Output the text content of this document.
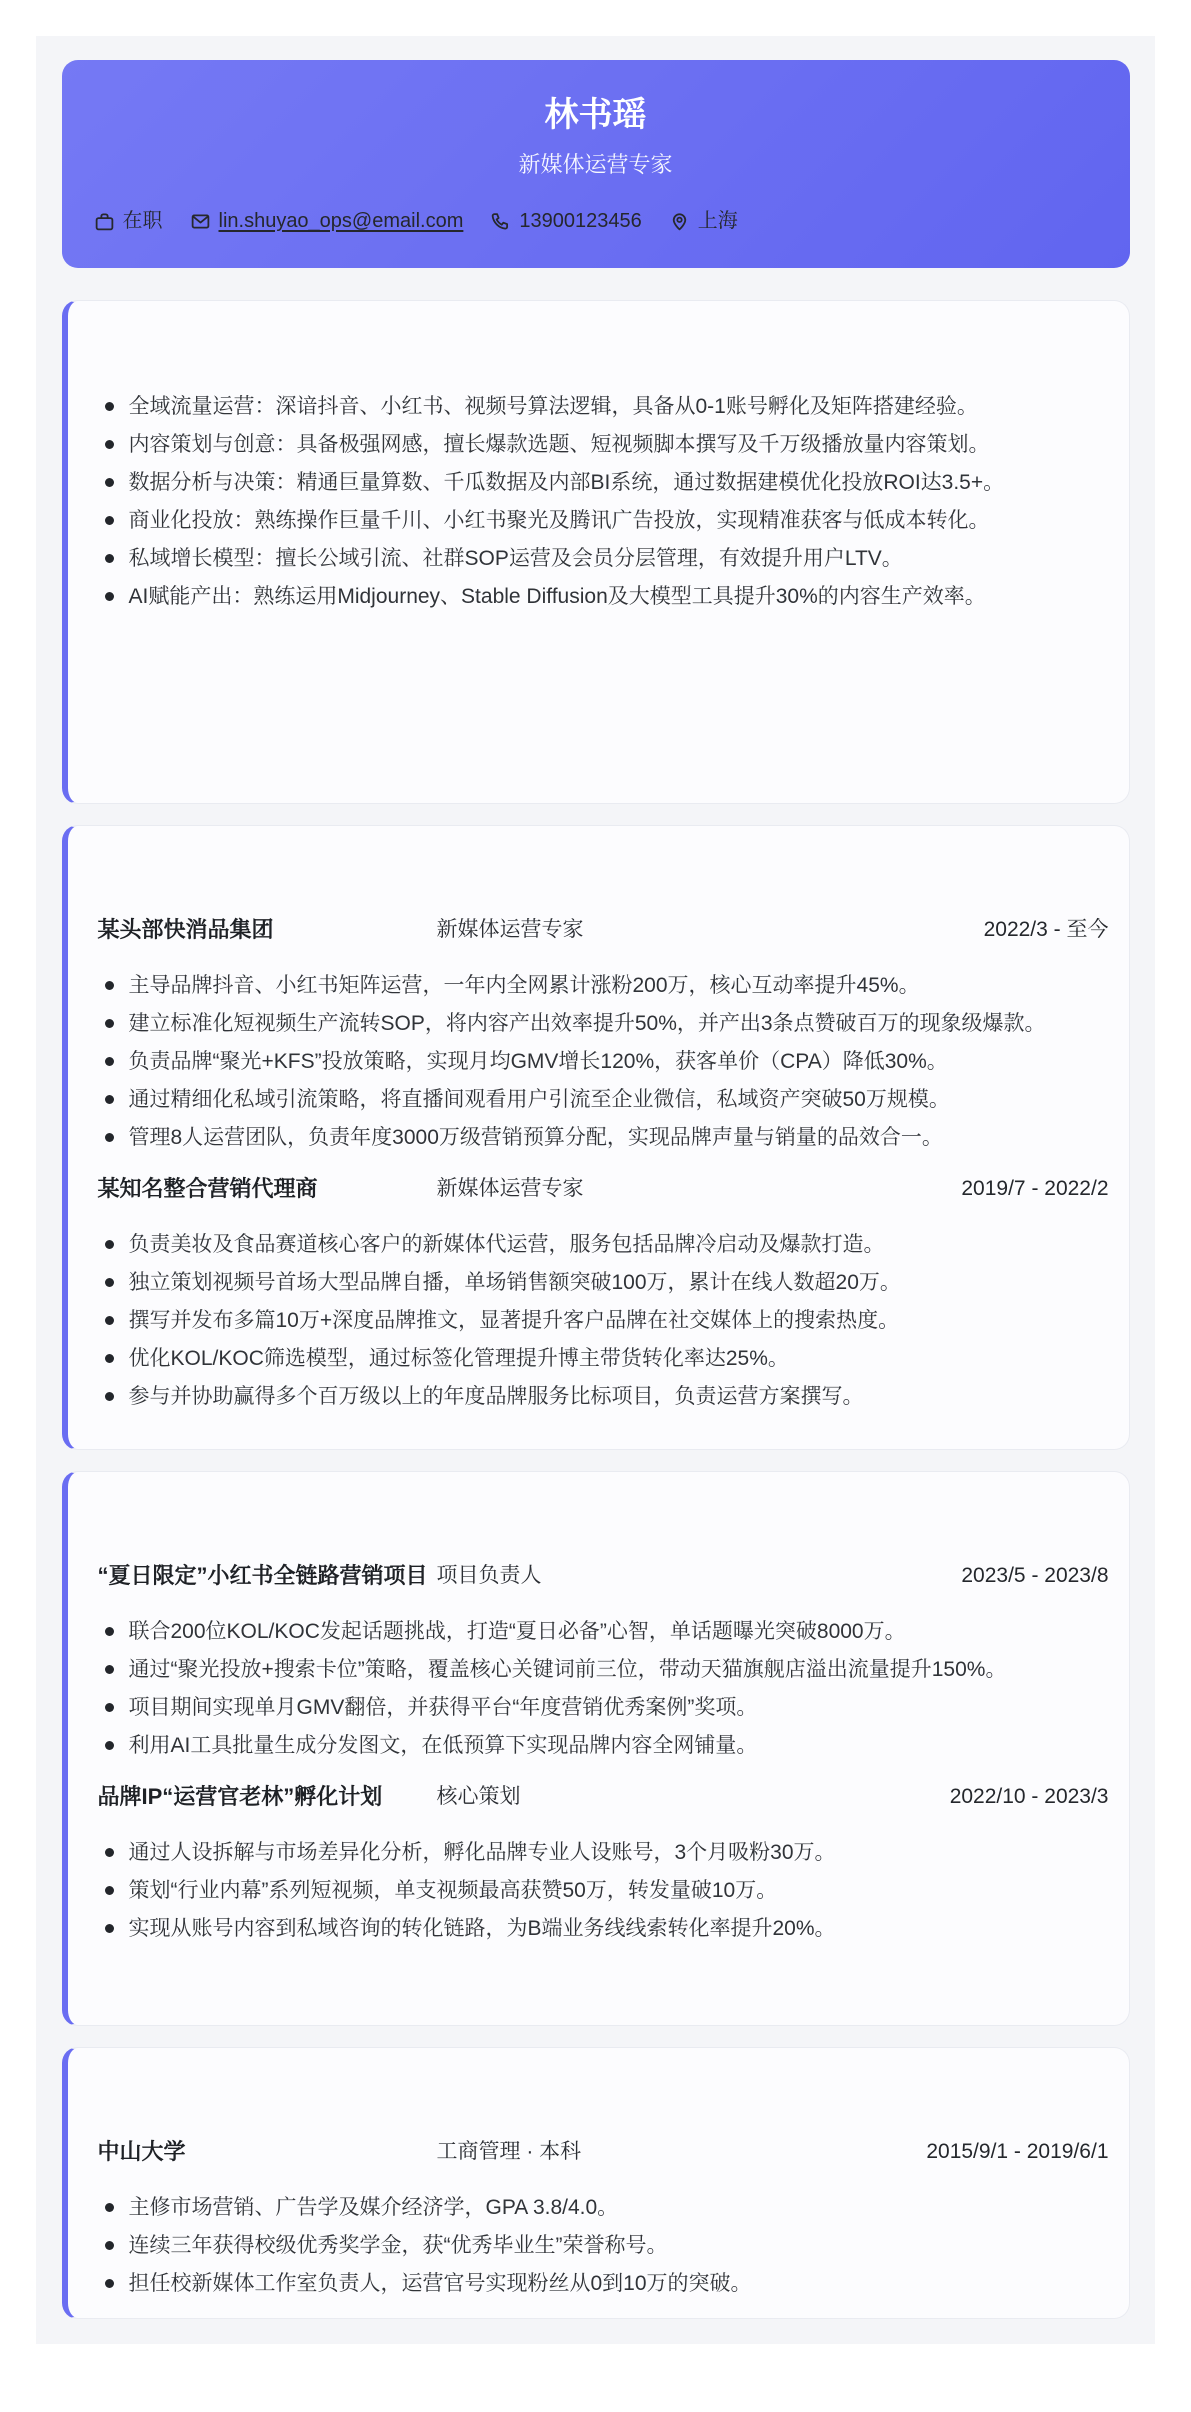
林书瑶
新媒体运营专家
在职	lin.shuyao_ops@email.com	13900123456	上海
全域流量运营：深谙抖音、小红书、视频号算法逻辑，具备从0-1账号孵化及矩阵搭建经验。
内容策划与创意：具备极强网感，擅长爆款选题、短视频脚本撰写及千万级播放量内容策划。
数据分析与决策：精通巨量算数、千瓜数据及内部BI系统，通过数据建模优化投放ROI达3.5+。
商业化投放：熟练操作巨量千川、小红书聚光及腾讯广告投放，实现精准获客与低成本转化。
私域增长模型：擅长公域引流、社群SOP运营及会员分层管理，有效提升用户LTV。
AI赋能产出：熟练运用Midjourney、Stable Diffusion及大模型工具提升30%的内容生产效率。
某头部快消品集团	新媒体运营专家	2022/3 - 至今
主导品牌抖音、小红书矩阵运营，一年内全网累计涨粉200万，核心互动率提升45%。
建立标准化短视频生产流转SOP，将内容产出效率提升50%，并产出3条点赞破百万的现象级爆款。
负责品牌“聚光+KFS”投放策略，实现月均GMV增长120%，获客单价（CPA）降低30%。
通过精细化私域引流策略，将直播间观看用户引流至企业微信，私域资产突破50万规模。
管理8人运营团队，负责年度3000万级营销预算分配，实现品牌声量与销量的品效合一。
某知名整合营销代理商	新媒体运营专家	2019/7 - 2022/2
负责美妆及食品赛道核心客户的新媒体代运营，服务包括品牌冷启动及爆款打造。
独立策划视频号首场大型品牌自播，单场销售额突破100万，累计在线人数超20万。
撰写并发布多篇10万+深度品牌推文，显著提升客户品牌在社交媒体上的搜索热度。
优化KOL/KOC筛选模型，通过标签化管理提升博主带货转化率达25%。
参与并协助赢得多个百万级以上的年度品牌服务比标项目，负责运营方案撰写。
“夏日限定”小红书全链路营销项目 项目负责人	2023/5 - 2023/8
联合200位KOL/KOC发起话题挑战，打造“夏日必备”心智，单话题曝光突破8000万。
通过“聚光投放+搜索卡位”策略，覆盖核心关键词前三位，带动天猫旗舰店溢出流量提升150%。
项目期间实现单月GMV翻倍，并获得平台“年度营销优秀案例”奖项。
利用AI工具批量生成分发图文，在低预算下实现品牌内容全网铺量。
品牌IP“运营官老林”孵化计划	核心策划	2022/10 - 2023/3
通过人设拆解与市场差异化分析，孵化品牌专业人设账号，3个月吸粉30万。
策划“行业内幕”系列短视频，单支视频最高获赞50万，转发量破10万。
实现从账号内容到私域咨询的转化链路，为B端业务线线索转化率提升20%。
中山大学	工商管理 · 本科	2015/9/1 - 2019/6/1
主修市场营销、广告学及媒介经济学，GPA 3.8/4.0。
连续三年获得校级优秀奖学金，获“优秀毕业生”荣誉称号。
担任校新媒体工作室负责人，运营官号实现粉丝从0到10万的突破。
